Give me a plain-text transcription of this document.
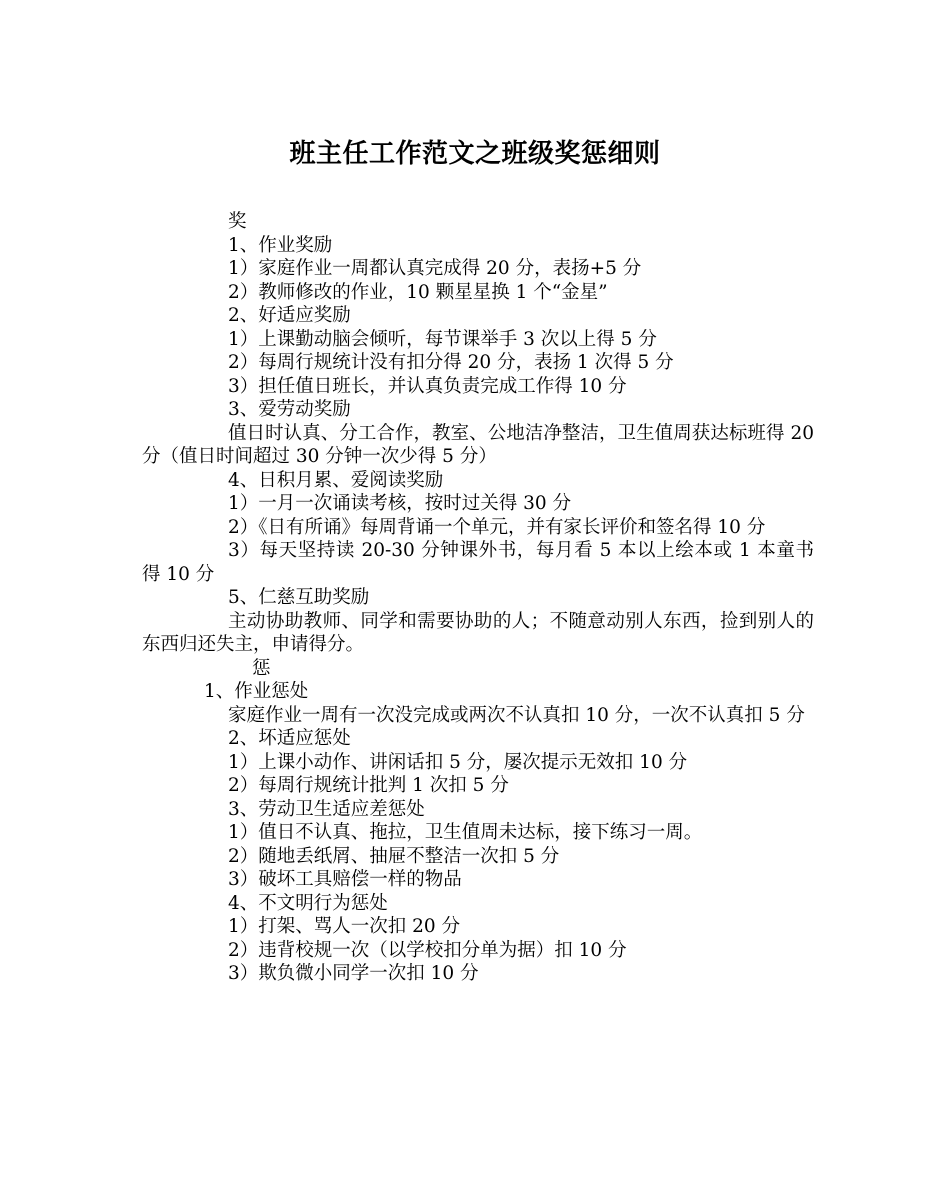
班主任工作范文之班级奖惩细则
奖
1、作业奖励
1）家庭作业一周都认真完成得 20 分，表扬+5 分
2）教师修改的作业，10 颗星星换 1 个“金星”
2、好适应奖励
1）上课勤动脑会倾听，每节课举手 3 次以上得 5 分
2）每周行规统计没有扣分得 20 分，表扬 1 次得 5 分
3）担任值日班长，并认真负责完成工作得 10 分
3、爱劳动奖励
值日时认真、分工合作，教室、公地洁净整洁，卫生值周获达标班得 20 分（值日时间超过 30 分钟一次少得 5 分）
4、日积月累、爱阅读奖励
1）一月一次诵读考核，按时过关得 30 分
2）《日有所诵》每周背诵一个单元，并有家长评价和签名得 10 分
3）每天坚持读 20-30 分钟课外书，每月看 5 本以上绘本或 1 本童书得 10 分
5、仁慈互助奖励
主动协助教师、同学和需要协助的人；不随意动别人东西，捡到别人的东西归还失主，申请得分。
惩
1、作业惩处
家庭作业一周有一次没完成或两次不认真扣 10 分，一次不认真扣 5 分
2、坏适应惩处
1）上课小动作、讲闲话扣 5 分，屡次提示无效扣 10 分
2）每周行规统计批判 1 次扣 5 分
3、劳动卫生适应差惩处
1）值日不认真、拖拉，卫生值周未达标，接下练习一周。
2）随地丢纸屑、抽屉不整洁一次扣 5 分
3）破坏工具赔偿一样的物品
4、不文明行为惩处
1）打架、骂人一次扣 20 分
2）违背校规一次（以学校扣分单为据）扣 10 分
3）欺负微小同学一次扣 10 分
